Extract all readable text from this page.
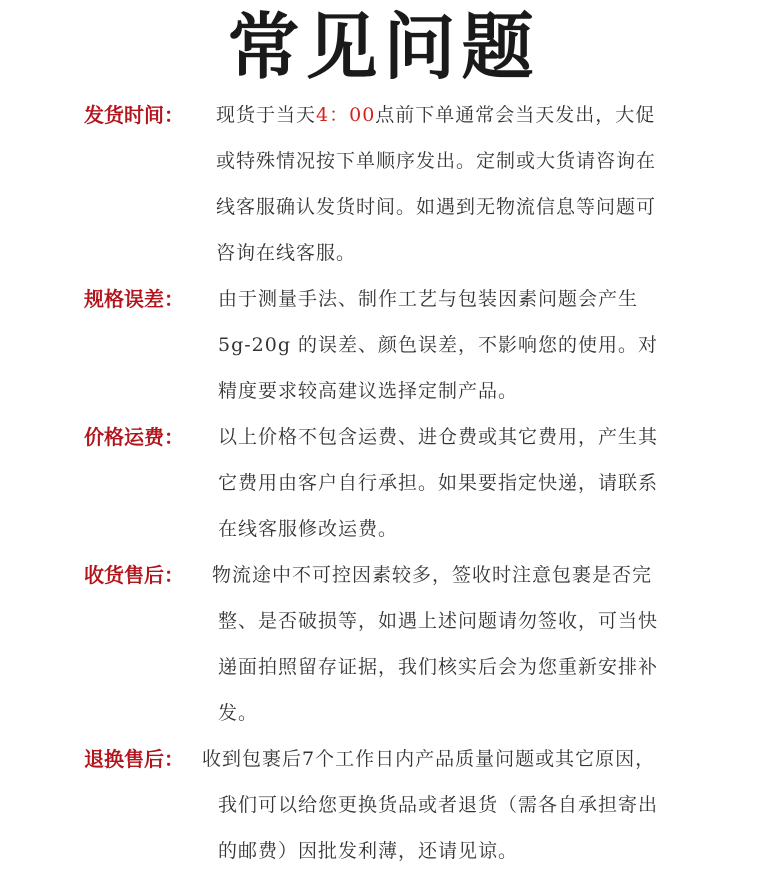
常见问题
发货时间： 现货于当天4：00点前下单通常会当天发出，大促
或特殊情况按下单顺序发出。定制或大货请咨询在
线客服确认发货时间。如遇到无物流信息等问题可
咨询在线客服。
规格误差： 由于测量手法、制作工艺与包装因素问题会产生
5g-20g 的误差、颜色误差，不影响您的使用。对
精度要求较高建议选择定制产品。
价格运费： 以上价格不包含运费、进仓费或其它费用，产生其
它费用由客户自行承担。如果要指定快递，请联系
在线客服修改运费。
收货售后： 物流途中不可控因素较多，签收时注意包裹是否完
整、是否破损等，如遇上述问题请勿签收，可当快
递面拍照留存证据，我们核实后会为您重新安排补
发。
退换售后： 收到包裹后7个工作日内产品质量问题或其它原因，
我们可以给您更换货品或者退货（需各自承担寄出
的邮费）因批发利薄，还请见谅。
